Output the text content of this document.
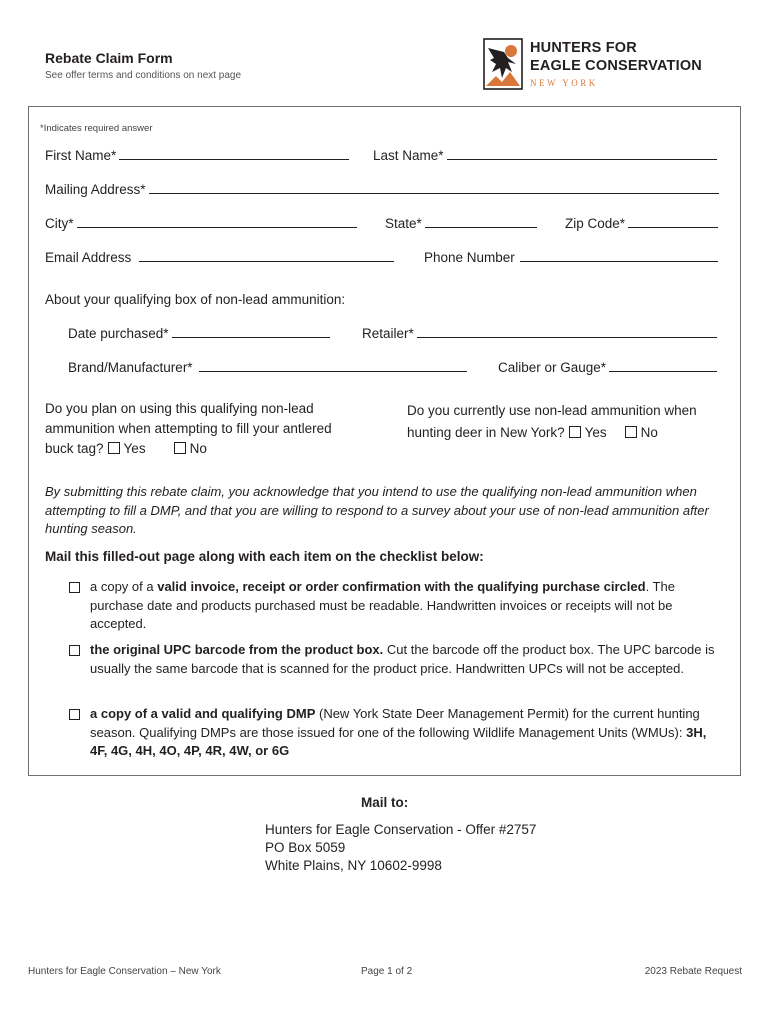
Rebate Claim Form
See offer terms and conditions on next page
HUNTERS FOR
EAGLE CONSERVATION
NEW YORK
*Indicates required answer
First Name*	Last Name*
Mailing Address*
City*	State*	Zip Code*
Email Address	Phone Number
About your qualifying box of non-lead ammunition:
Date purchased*	Retailer*
Brand/Manufacturer*	Caliber or Gauge*
Do you plan on using this qualifying non-lead ammunition when attempting to fill your antlered buck tag? Yes	No
Do you currently use non-lead ammunition when hunting deer in New York? Yes	No
By submitting this rebate claim, you acknowledge that you intend to use the qualifying non-lead ammunition when attempting to fill a DMP, and that you are willing to respond to a survey about your use of non-lead ammunition after hunting season.
Mail this filled-out page along with each item on the checklist below:
a copy of a valid invoice, receipt or order confirmation with the qualifying purchase circled. The purchase date and products purchased must be readable. Handwritten invoices or receipts will not be accepted.
the original UPC barcode from the product box. Cut the barcode off the product box. The UPC barcode is usually the same barcode that is scanned for the product price. Handwritten UPCs will not be accepted.
a copy of a valid and qualifying DMP (New York State Deer Management Permit) for the current hunting season. Qualifying DMPs are those issued for one of the following Wildlife Management Units (WMUs): 3H, 4F, 4G, 4H, 4O, 4P, 4R, 4W, or 6G
Mail to:
Hunters for Eagle Conservation - Offer #2757
PO Box 5059
White Plains, NY 10602-9998
Hunters for Eagle Conservation – New York	Page 1 of 2	2023 Rebate Request
